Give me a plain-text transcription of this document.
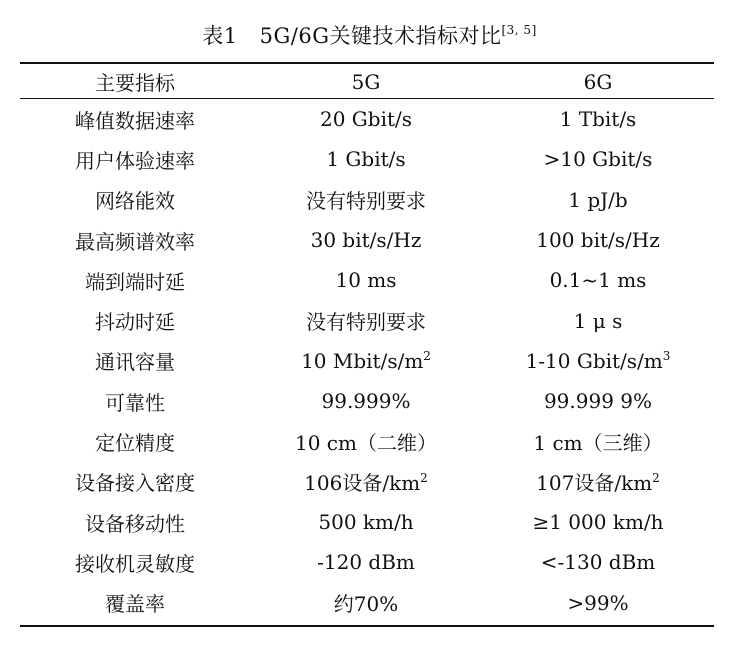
表1 5G/6G关键技术指标对比[3, 5]
主要指标	5G	6G
峰值数据速率	20 Gbit/s	1 Tbit/s
用户体验速率	1 Gbit/s	>10 Gbit/s
网络能效	没有特别要求	1 pJ/b
最高频谱效率	30 bit/s/Hz	100 bit/s/Hz
端到端时延	10 ms	0.1~1 ms
抖动时延	没有特别要求	1 μ s
通讯容量	10 Mbit/$s/m^2$	1-10 Gbit/$s/m^3$
可靠性	99.999%	99.999 9%
定位精度	10 cm（二维）	1 cm（三维）
设备接入密度	106设备$/km^2$	107设备$/km^2$
设备移动性	500 km/h	≥1 000 km/h
接收机灵敏度	-120 dBm	<-130 dBm
覆盖率	约70%	>99%
